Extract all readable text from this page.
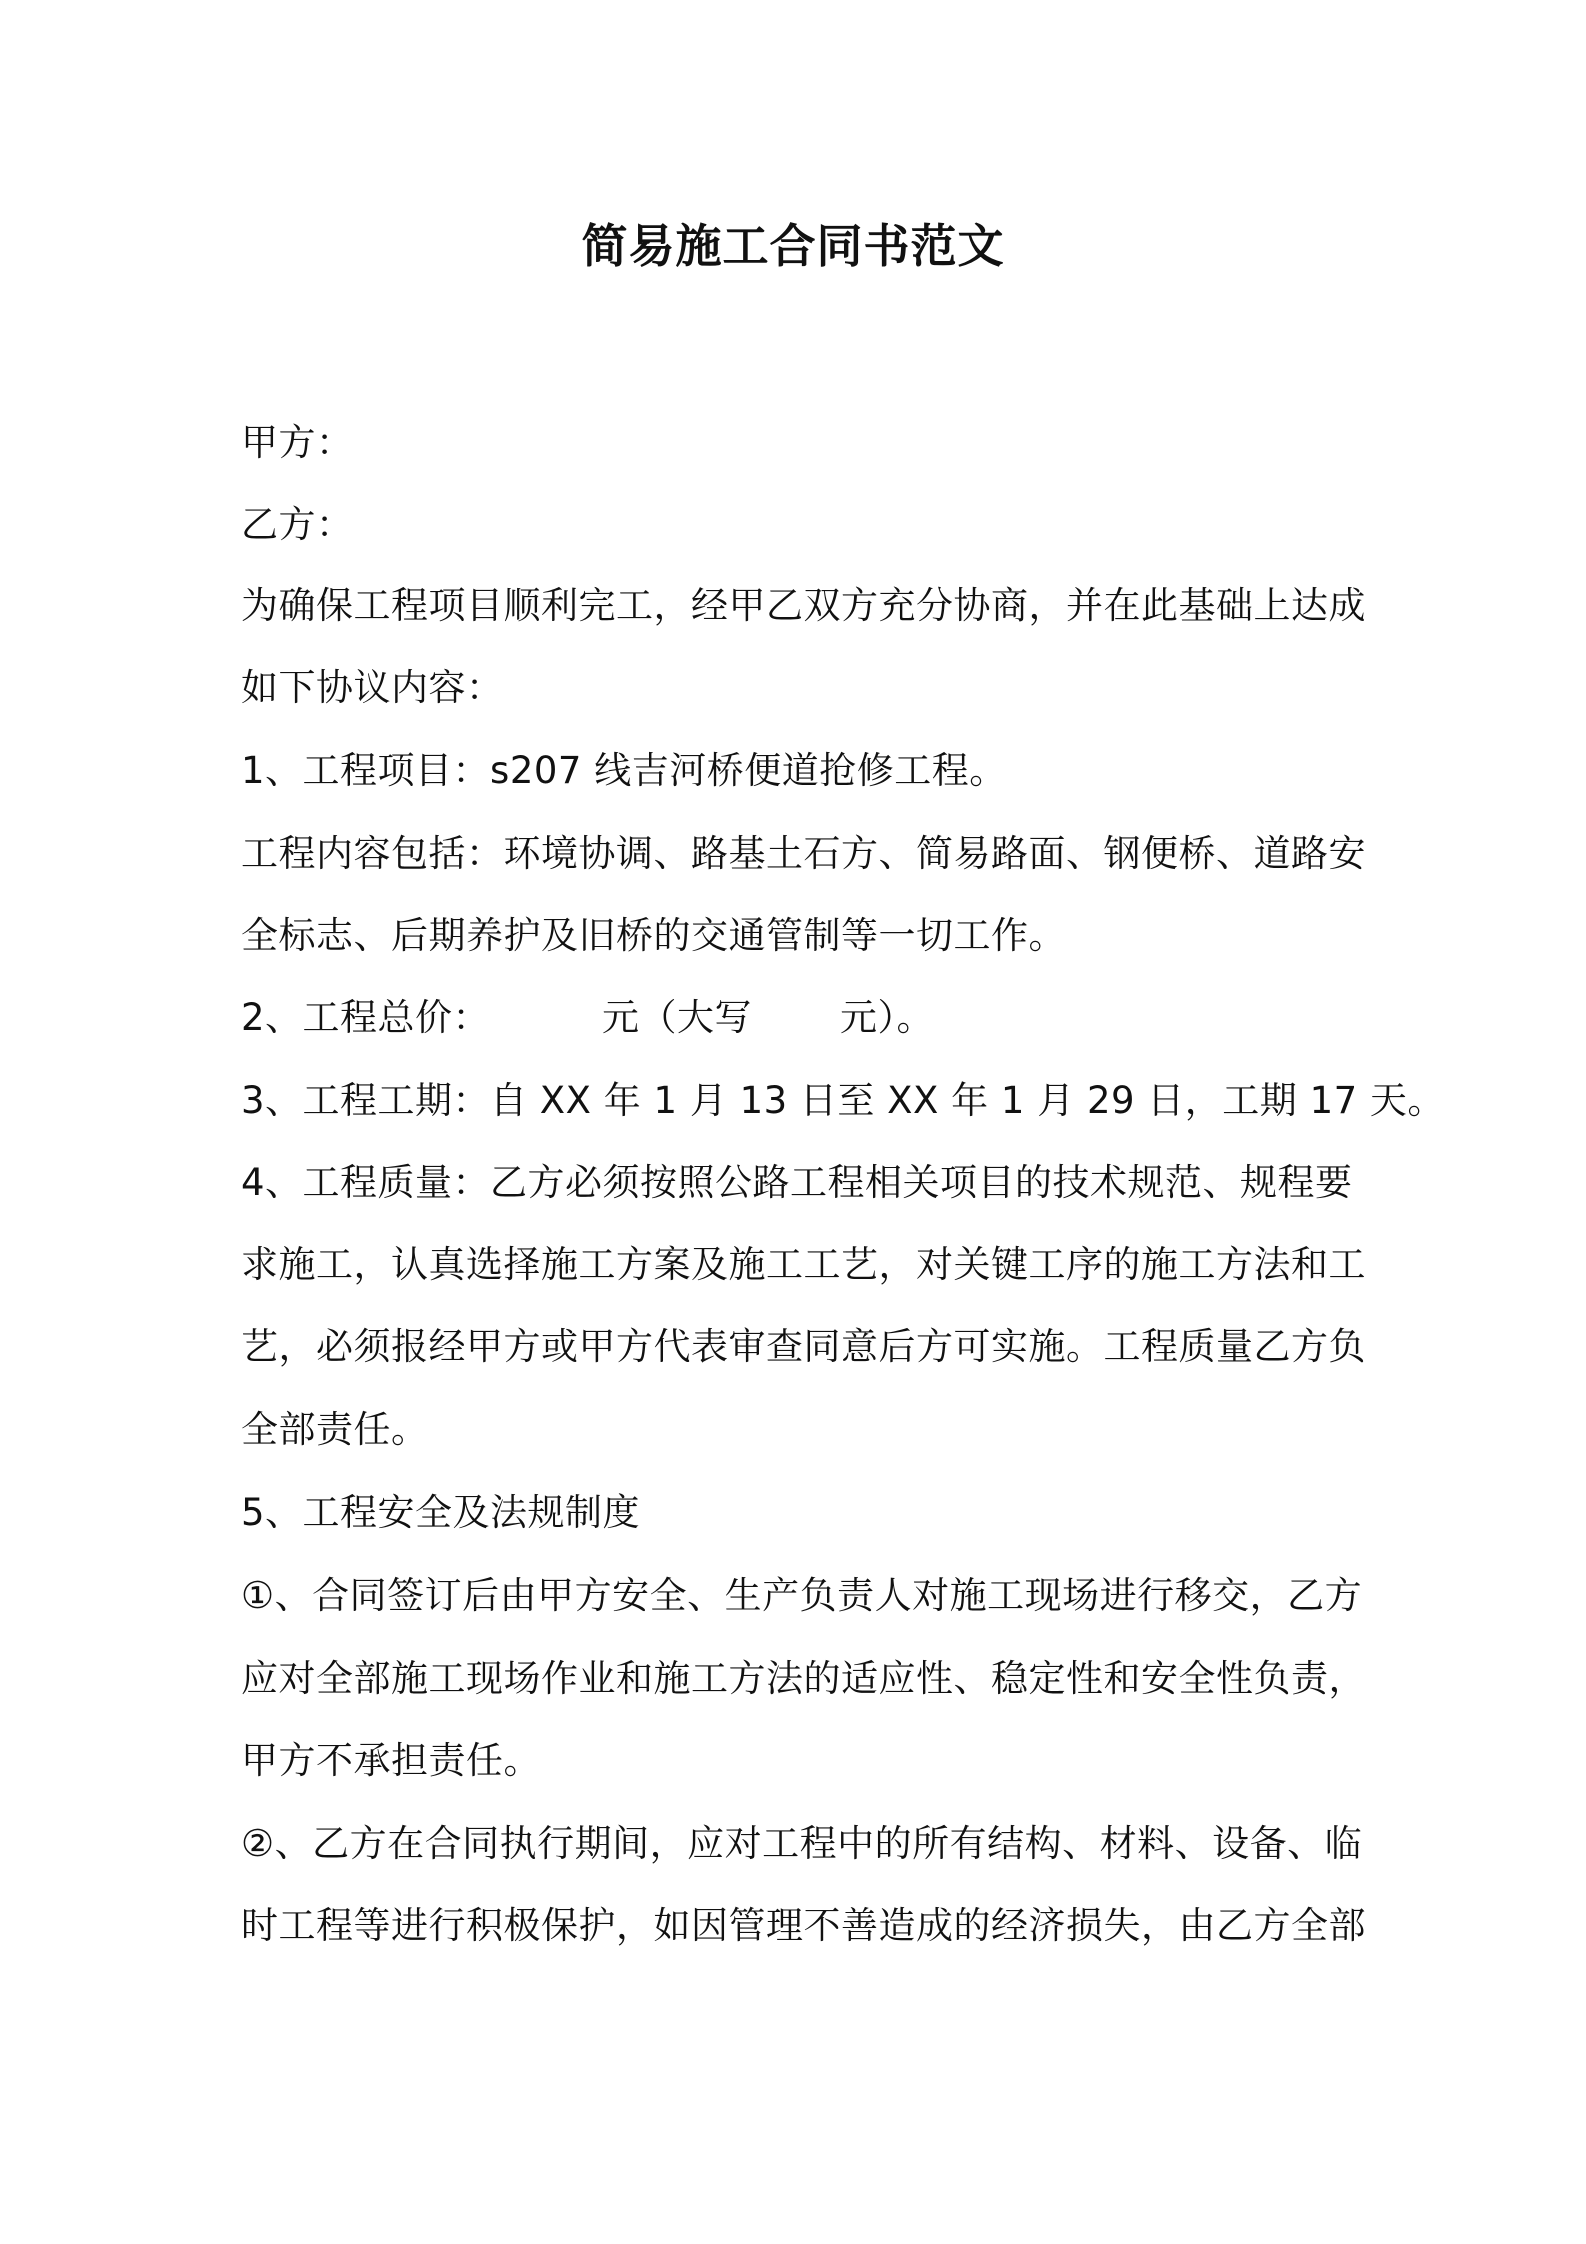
简易施工合同书范文
甲方：
乙方：
为确保工程项目顺利完工，经甲乙双方充分协商，并在此基础上达成
如下协议内容：
1、工程项目：s207 线吉河桥便道抢修工程。
工程内容包括：环境协调、路基土石方、简易路面、钢便桥、道路安
全标志、后期养护及旧桥的交通管制等一切工作。
2、工程总价：	元（大写 元）。
3、工程工期：自 XX 年 1 月 13 日至 XX 年 1 月 29 日，工期 17 天。
4、工程质量：乙方必须按照公路工程相关项目的技术规范、规程要
求施工，认真选择施工方案及施工工艺，对关键工序的施工方法和工
艺，必须报经甲方或甲方代表审查同意后方可实施。工程质量乙方负
全部责任。
5、工程安全及法规制度
①、合同签订后由甲方安全、生产负责人对施工现场进行移交，乙方
应对全部施工现场作业和施工方法的适应性、稳定性和安全性负责，
甲方不承担责任。
②、乙方在合同执行期间，应对工程中的所有结构、材料、设备、临
时工程等进行积极保护，如因管理不善造成的经济损失，由乙方全部
